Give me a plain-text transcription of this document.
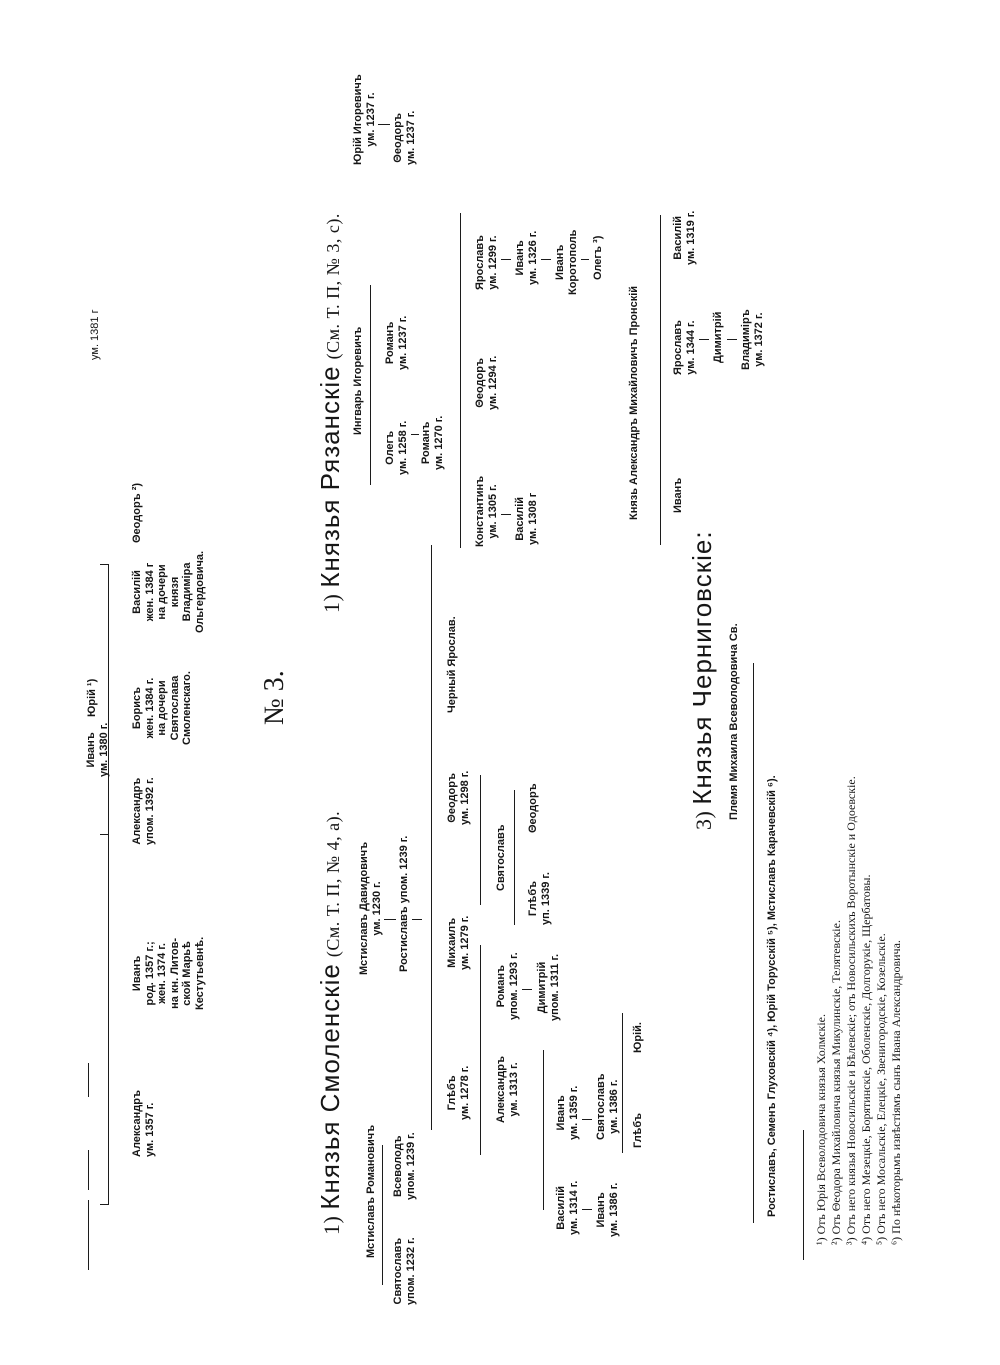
ум. 1381 г
Александръ ум. 1357 г.
Иванъ род. 1357 г.; жен. 1374 г. на кн. Литов- ской Марьѣ Кестутьевнѣ.
Александръ упом. 1392 г.
Иванъ ум. 1380 г.
Юрій ¹)	Борисъ жен. 1384 г. на дочери Святослава Смоленскаго.
Василій жен. 1384 г на дочери князя Владиміра Ольгердовича.
Θеодоръ ²)
№ 3.
1) Князья Смоленскіе (См. Т. П, № 4, а).
Мстиславъ Романовичъ
Святославъ упом. 1232 г.
Всеволодъ упом. 1239 г.
Мстиславъ Давидовичъ ум. 1230 г. Ростиславъ упом. 1239 г.
Глѣбъ ум. 1278 г.
Михаилъ ум. 1279 г.
Θеодоръ ум. 1298 г.
Черный Ярослав.
Александръ ум. 1313 г.
Романъ упом. 1293 г. Димитрій упом. 1311 г.
Святославъ
Глѣбъ уп. 1339 г.
Θеодоръ
Василій ум. 1314 г.
Иванъ ум. 1359 г.
Иванъ ум. 1386 г.
Святославъ ум. 1386 г. Глѣбъ
Юрій.
1) Князья Рязанскіе (См. Т. П, № 3, с).
Ингварь Игоревичъ
Юрій Игоревичъ ум. 1237 г. Θеодоръ ум. 1237 г.
Олегъ ум. 1258 г.
Романъ ум. 1237 г.
Романъ ум. 1270 г.
Константинъ ум. 1305 г.
Θеодоръ ум. 1294 г.
Ярославъ ум. 1299 г.
Василій ум. 1308 г
Иванъ ум. 1326 г. Иванъ Коротополь Олегъ ³)
Князь Александръ Михайловичъ Пронскій	Иванъ
Ярославъ ум. 1344 г.
Василій ум. 1319 г.
Димитрій Владиміръ ум. 1372 г.
3) Князья Черниговскіе: Племя Михаила Всеволодовича Св.
Ростиславъ, Семенъ Глуховскій ⁴), Юрій Торусскій ⁵), Мстиславъ Карачевскій ⁶).	¹) Отъ Юрія Всеволодовича князья Холмскіе. ²) Отъ Θеодора Михайловича князья Микулинскіе, Телятевскіе. ³) Отъ него князья Новосильскіе и Бѣлевскіе; отъ Новосильскихъ Воротынскіе и Одоевскіе. ⁴) Отъ него Мезецкіе, Борятинскіе, Оболенскіе, Долгорукіе, Щербатовы. ⁵) Отъ него Мосальскіе, Елецкіе, Звенигородскіе, Козельскіе. ⁶) По нѣкоторымъ извѣстіямъ сынъ Ивана Александровича.
